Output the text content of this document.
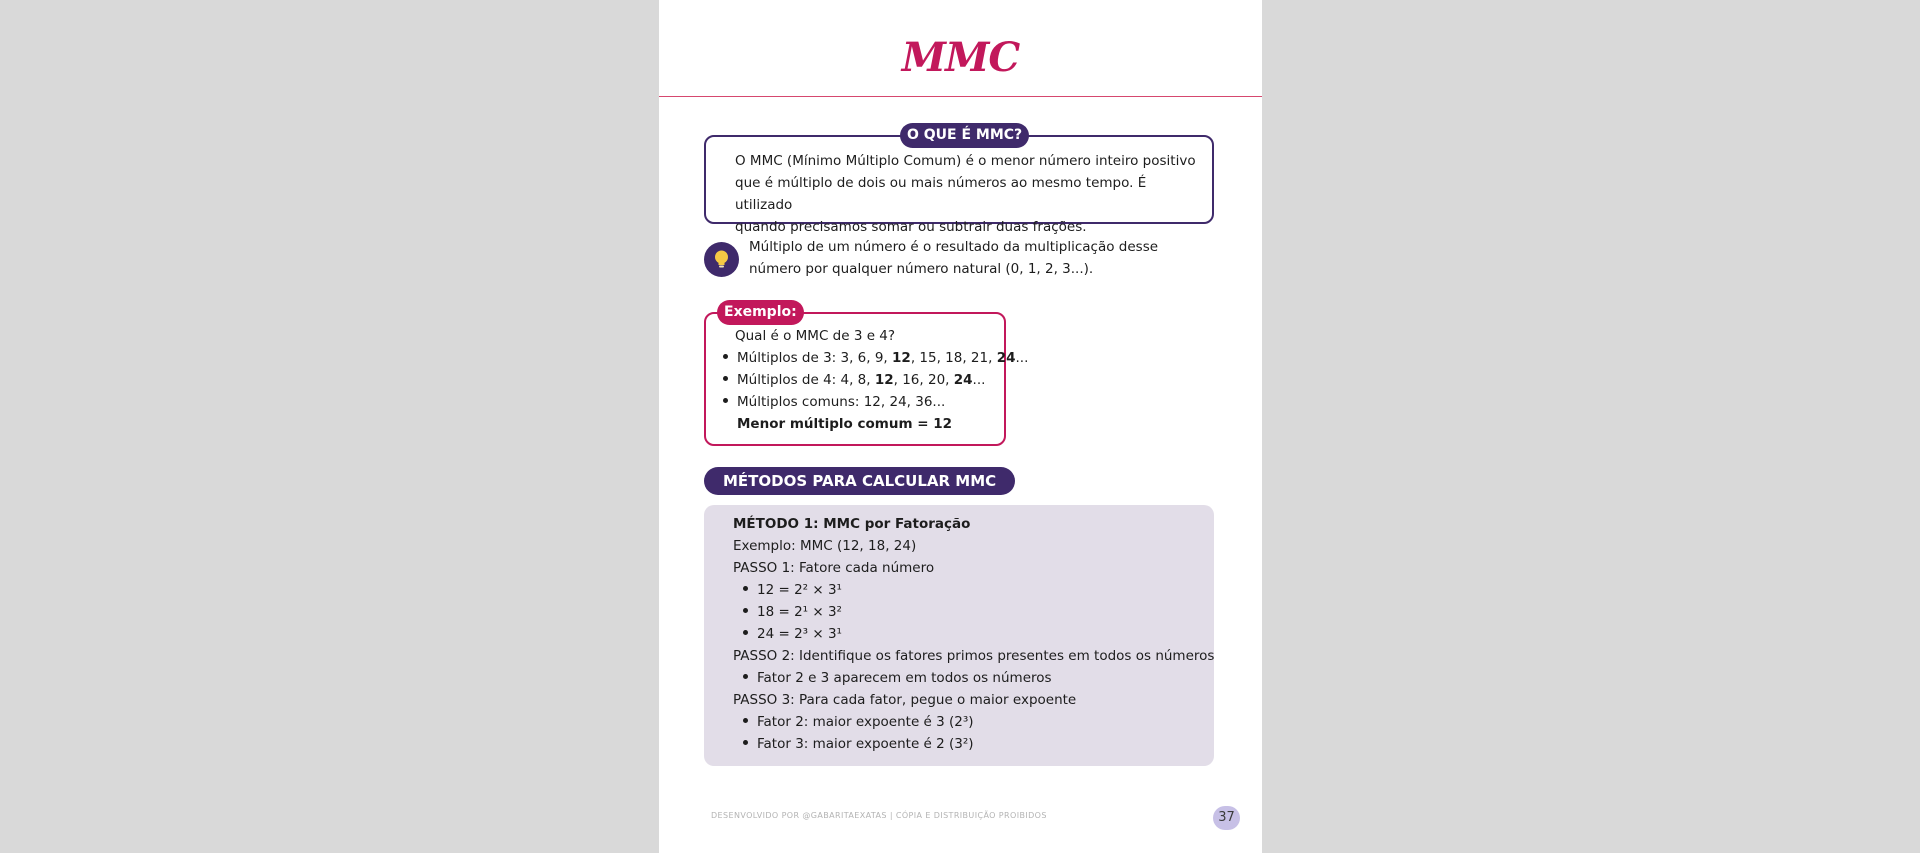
MMC
O QUE É MMC?
O MMC (Mínimo Múltiplo Comum) é o menor número inteiro positivo
que é múltiplo de dois ou mais números ao mesmo tempo. É utilizado
quando precisamos somar ou subtrair duas frações.
Múltiplo de um número é o resultado da multiplicação desse
número por qualquer número natural (0, 1, 2, 3...).
Exemplo:
Qual é o MMC de 3 e 4?
Múltiplos de 3: 3, 6, 9, 12, 15, 18, 21, 24...
Múltiplos de 4: 4, 8, 12, 16, 20, 24...
Múltiplos comuns: 12, 24, 36...
Menor múltiplo comum = 12
MÉTODOS PARA CALCULAR MMC
MÉTODO 1: MMC por Fatoração
Exemplo: MMC (12, 18, 24)
PASSO 1: Fatore cada número
12 = 2² × 3¹
18 = 2¹ × 3²
24 = 2³ × 3¹
PASSO 2: Identifique os fatores primos presentes em todos os números
Fator 2 e 3 aparecem em todos os números
PASSO 3: Para cada fator, pegue o maior expoente
Fator 2: maior expoente é 3 (2³)
Fator 3: maior expoente é 2 (3²)
DESENVOLVIDO POR @GABARITAEXATAS | CÓPIA E DISTRIBUIÇÃO PROIBIDOS	37
